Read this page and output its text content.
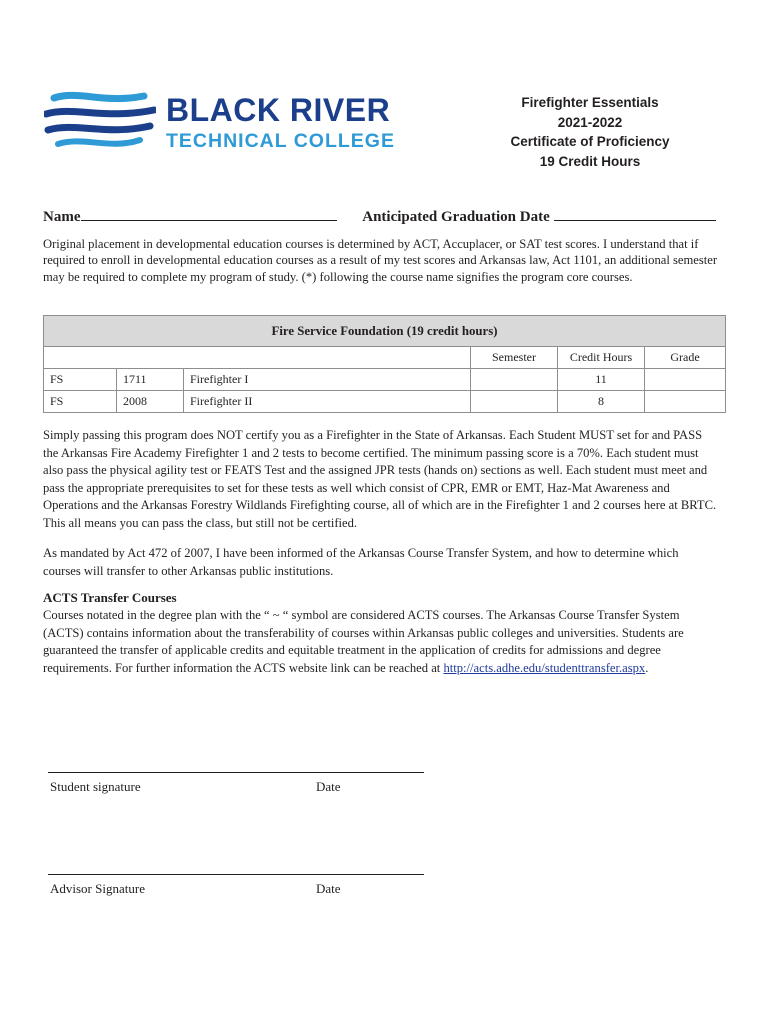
BLACK RIVER
TECHNICAL COLLEGE
Firefighter Essentials
2021-2022
Certificate of Proficiency
19 Credit Hours
Name	Anticipated Graduation Date

Original placement in developmental education courses is determined by ACT, Accuplacer, or SAT test scores. I understand that if required to enroll in developmental education courses as a result of my test scores and Arkansas law, Act 1101, an additional semester may be required to complete my program of study. (*) following the course name signifies the program core courses.

Fire Service Foundation (19 credit hours)					
			Semester	Credit Hours	Grade
FS	1711	Firefighter I		11	
FS	2008	Firefighter II		8	

Simply passing this program does NOT certify you as a Firefighter in the State of Arkansas. Each Student MUST set for and PASS the Arkansas Fire Academy Firefighter 1 and 2 tests to become certified. The minimum passing score is a 70%. Each student must also pass the physical agility test or FEATS Test and the assigned JPR tests (hands on) sections as well. Each student must meet and pass the appropriate prerequisites to set for these tests as well which consist of CPR, EMR or EMT, Haz-Mat Awareness and Operations and the Arkansas Forestry Wildlands Firefighting course, all of which are in the Firefighter 1 and 2 courses here at BRTC. This all means you can pass the class, but still not be certified.

As mandated by Act 472 of 2007, I have been informed of the Arkansas Course Transfer System, and how to determine which courses will transfer to other Arkansas public institutions.

ACTS Transfer Courses

Courses notated in the degree plan with the “ ~ “ symbol are considered ACTS courses. The Arkansas Course Transfer System (ACTS) contains information about the transferability of courses within Arkansas public colleges and universities. Students are guaranteed the transfer of applicable credits and equitable treatment in the application of credits for admissions and degree requirements. For further information the ACTS website link can be reached at http://acts.adhe.edu/studenttransfer.aspx.

Student signature	Date
Advisor Signature	Date
